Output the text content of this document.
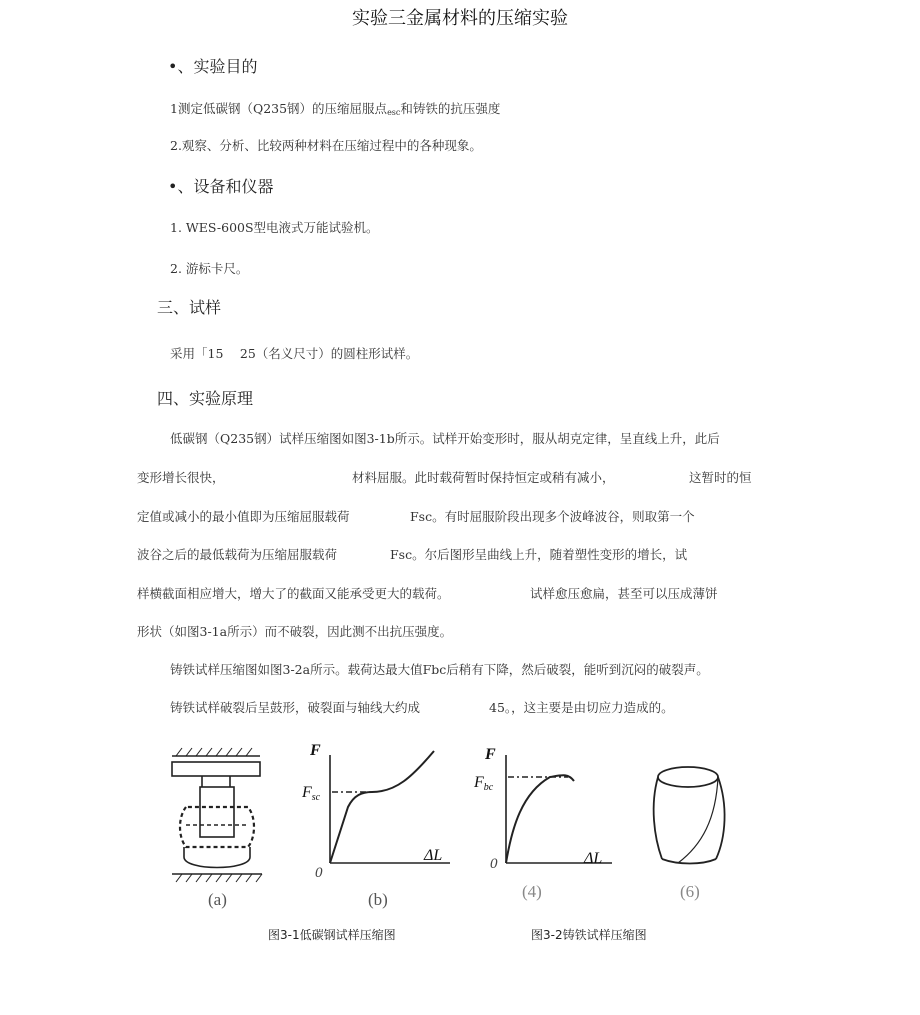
实验三金属材料的压缩实验
•、实验目的
1测定低碳钢（Q235钢）的压缩屈服点$_{esc}$和铸铁的抗压强度
2.观察、分析、比较两种材料在压缩过程中的各种现象。
•、设备和仪器
1. WES-600S型电液式万能试验机。
2. 游标卡尺。
三、试样
采用「15　 25（名义尺寸）的圆柱形试样。
四、实验原理
低碳钢（Q235钢）试样压缩图如图3-1b所示。试样开始变形时，服从胡克定律，呈直线上升，此后
变形增长很快，	材料屈服。此时载荷暂时保持恒定或稍有减小，	这暂时的恒
定值或减小的最小值即为压缩屈服载荷	Fsc。有时屈服阶段出现多个波峰波谷，则取第一个
波谷之后的最低载荷为压缩屈服载荷	Fsc。尔后图形呈曲线上升，随着塑性变形的增长，试
样横截面相应增大，增大了的截面又能承受更大的载荷。	试样愈压愈扁，甚至可以压成薄饼
形状（如图3-1a所示）而不破裂，因此测不出抗压强度。
铸铁试样压缩图如图3-2a所示。载荷达最大值Fbc后稍有下降，然后破裂，能听到沉闷的破裂声。
铸铁试样破裂后呈鼓形，破裂面与轴线大约成	45。，这主要是由切应力造成的。
(a)
F
Fsc
ΔL
0
(b)
F
Fbc
ΔL
0
(4)	(6)
图3-1低碳钢试样压缩图	图3-2铸铁试样压缩图
